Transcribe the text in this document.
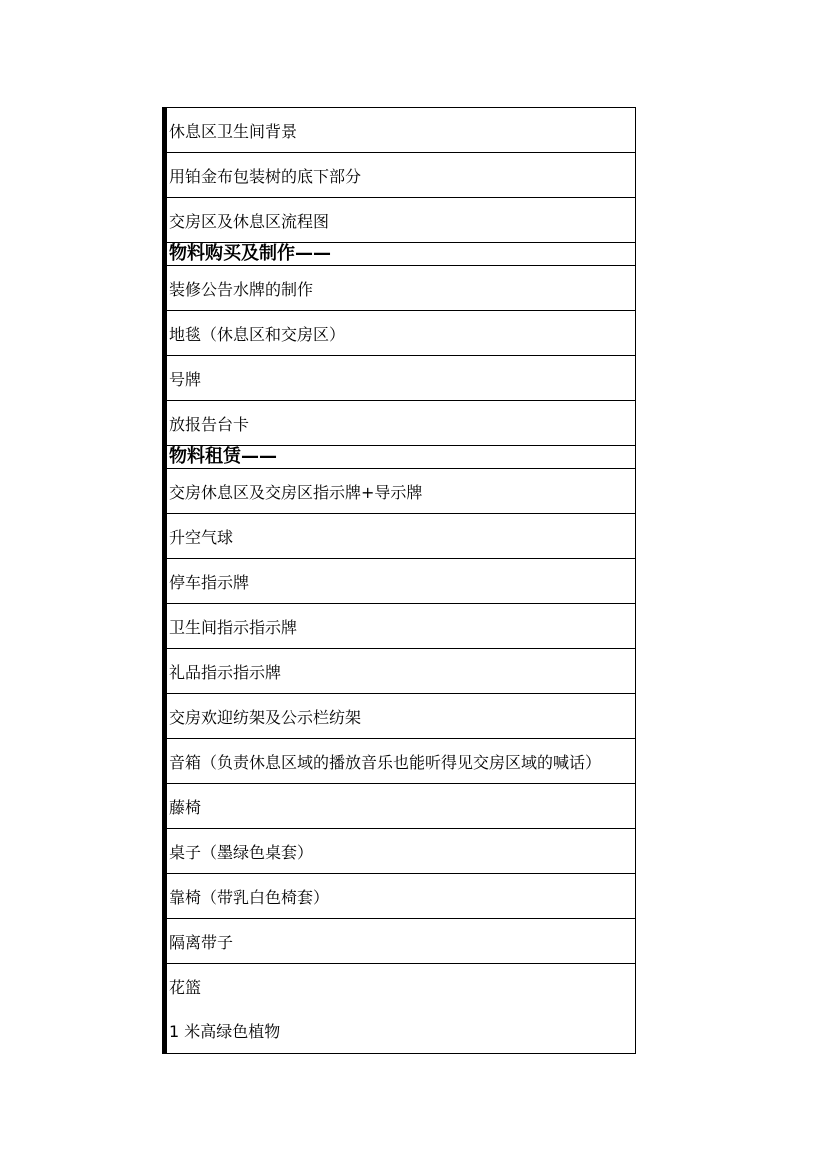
休息区卫生间背景
用铂金布包装树的底下部分
交房区及休息区流程图
物料购买及制作——
装修公告水牌的制作
地毯（休息区和交房区）
号牌
放报告台卡
物料租赁——
交房休息区及交房区指示牌+导示牌
升空气球
停车指示牌
卫生间指示指示牌
礼品指示指示牌
交房欢迎纺架及公示栏纺架
音箱（负责休息区域的播放音乐也能听得见交房区域的喊话）
藤椅
桌子（墨绿色桌套）
靠椅（带乳白色椅套）
隔离带子
花篮
1 米高绿色植物
